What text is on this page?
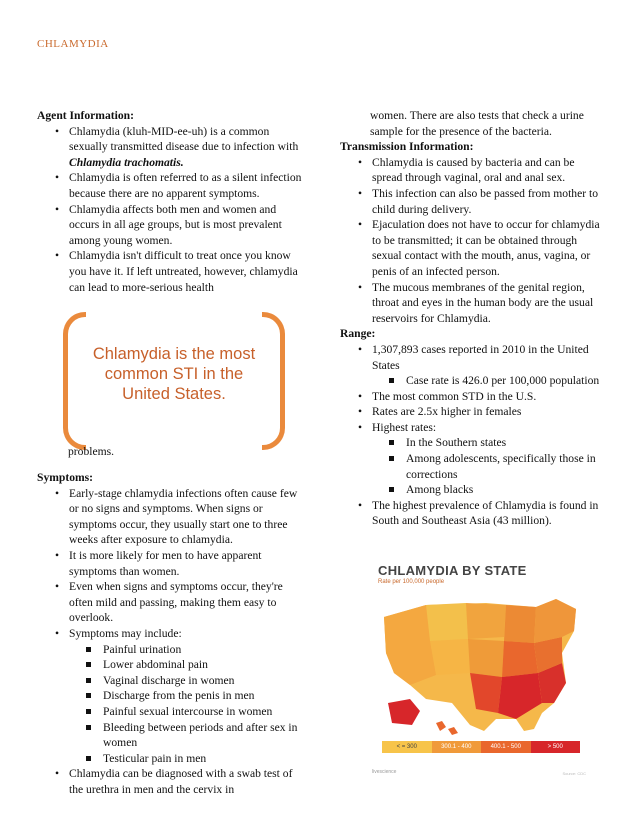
CHLAMYDIA
Agent Information:
• Chlamydia (kluh-MID-ee-uh) is a common sexually transmitted disease due to infection with Chlamydia trachomatis.
• Chlamydia is often referred to as a silent infection because there are no apparent symptoms.
• Chlamydia affects both men and women and occurs in all age groups, but is most prevalent among young women.
• Chlamydia isn't difficult to treat once you know you have it. If left untreated, however, chlamydia can lead to more-serious health
Chlamydia is the most common STI in the United States.
problems.
Symptoms:
• Early-stage chlamydia infections often cause few or no signs and symptoms. When signs or symptoms occur, they usually start one to three weeks after exposure to chlamydia.
• It is more likely for men to have apparent symptoms than women.
• Even when signs and symptoms occur, they're often mild and passing, making them easy to overlook.
• Symptoms may include:
Painful urination
Lower abdominal pain
Vaginal discharge in women
Discharge from the penis in men
Painful sexual intercourse in women
Bleeding between periods and after sex in women
Testicular pain in men
• Chlamydia can be diagnosed with a swab test of the urethra in men and the cervix in
women. There are also tests that check a urine sample for the presence of the bacteria.
Transmission Information:
• Chlamydia is caused by bacteria and can be spread through vaginal, oral and anal sex.
• This infection can also be passed from mother to child during delivery.
• Ejaculation does not have to occur for chlamydia to be transmitted; it can be obtained through sexual contact with the mouth, anus, vagina, or penis of an infected person.
• The mucous membranes of the genital region, throat and eyes in the human body are the usual reservoirs for Chlamydia.
Range:
• 1,307,893 cases reported in 2010 in the United States
Case rate is 426.0 per 100,000 population
• The most common STD in the U.S.
• Rates are 2.5x higher in females
• Highest rates:
In the Southern states
Among adolescents, specifically those in corrections
Among blacks
• The highest prevalence of Chlamydia is found in South and Southeast Asia (43 million).
CHLAMYDIA BY STATE
Rate per 100,000 people
< = 300	300.1 - 400	400.1 - 500	> 500
livescience	Source: CDC
